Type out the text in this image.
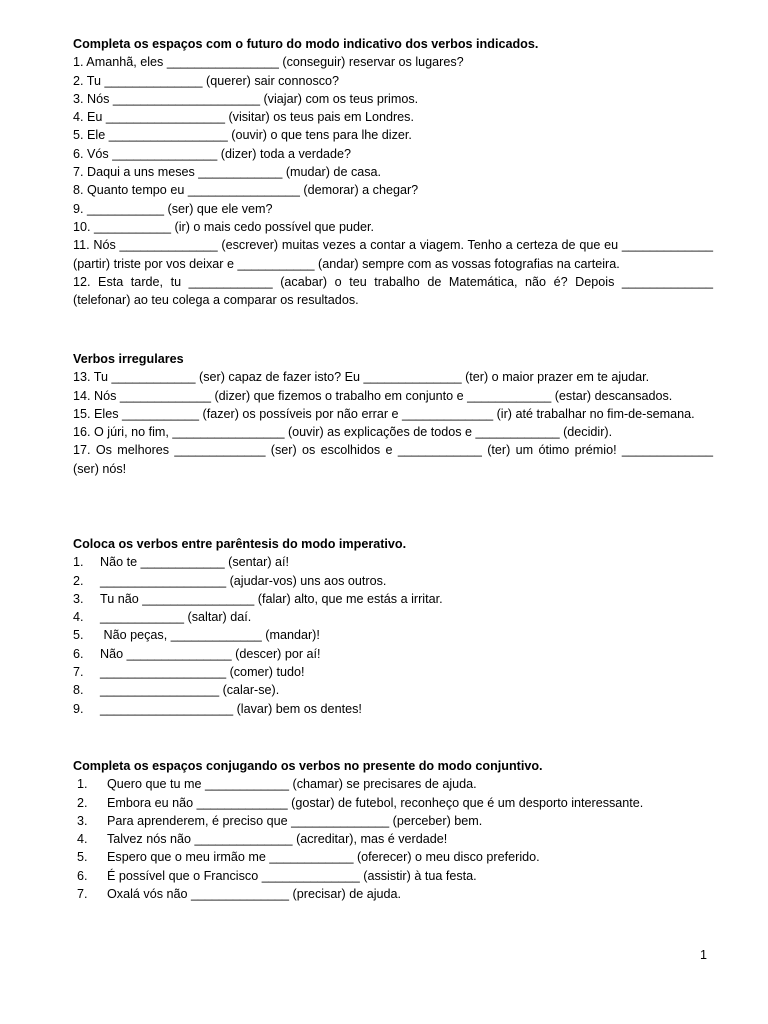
Completa os espaços com o futuro do modo indicativo dos verbos indicados.
1. Amanhã, eles ________________ (conseguir) reservar os lugares?
2. Tu ______________ (querer) sair connosco?
3. Nós _____________________ (viajar) com os teus primos.
4. Eu _________________ (visitar) os teus pais em Londres.
5. Ele _________________ (ouvir) o que tens para lhe dizer.
6. Vós _______________ (dizer) toda a verdade?
7. Daqui a uns meses ____________ (mudar) de casa.
8. Quanto tempo eu ________________ (demorar) a chegar?
9. ___________ (ser) que ele vem?
10. ___________ (ir) o mais cedo possível que puder.
11. Nós ______________ (escrever) muitas vezes a contar a viagem. Tenho a certeza de que eu _____________ (partir) triste por vos deixar e ___________ (andar) sempre com as vossas fotografias na carteira.
12. Esta tarde, tu ____________ (acabar) o teu trabalho de Matemática, não é? Depois _____________ (telefonar) ao teu colega a comparar os resultados.
Verbos irregulares
13. Tu ____________ (ser) capaz de fazer isto? Eu ______________ (ter) o maior prazer em te ajudar.
14. Nós _____________ (dizer) que fizemos o trabalho em conjunto e ____________ (estar) descansados.
15. Eles ___________ (fazer) os possíveis por não errar e _____________ (ir) até trabalhar no fim-de-semana.
16. O júri, no fim, ________________ (ouvir) as explicações de todos e ____________ (decidir).
17. Os melhores _____________ (ser) os escolhidos e ____________ (ter) um ótimo prémio! _____________ (ser) nós!
Coloca os verbos entre parêntesis do modo imperativo.
1. Não te ____________ (sentar) aí!
2. __________________ (ajudar-vos) uns aos outros.
3. Tu não ________________ (falar) alto, que me estás a irritar.
4. ____________ (saltar) daí.
5. Não peças, _____________ (mandar)!
6. Não _______________ (descer) por aí!
7. __________________ (comer) tudo!
8. _________________ (calar-se).
9. ___________________ (lavar) bem os dentes!
Completa os espaços conjugando os verbos no presente do modo conjuntivo.
1. Quero que tu me ____________ (chamar) se precisares de ajuda.
2. Embora eu não _____________ (gostar) de futebol, reconheço que é um desporto interessante.
3. Para aprenderem, é preciso que ______________ (perceber) bem.
4. Talvez nós não ______________ (acreditar), mas é verdade!
5. Espero que o meu irmão me ____________ (oferecer) o meu disco preferido.
6. É possível que o Francisco ______________ (assistir) à tua festa.
7. Oxalá vós não ______________ (precisar) de ajuda.
1
